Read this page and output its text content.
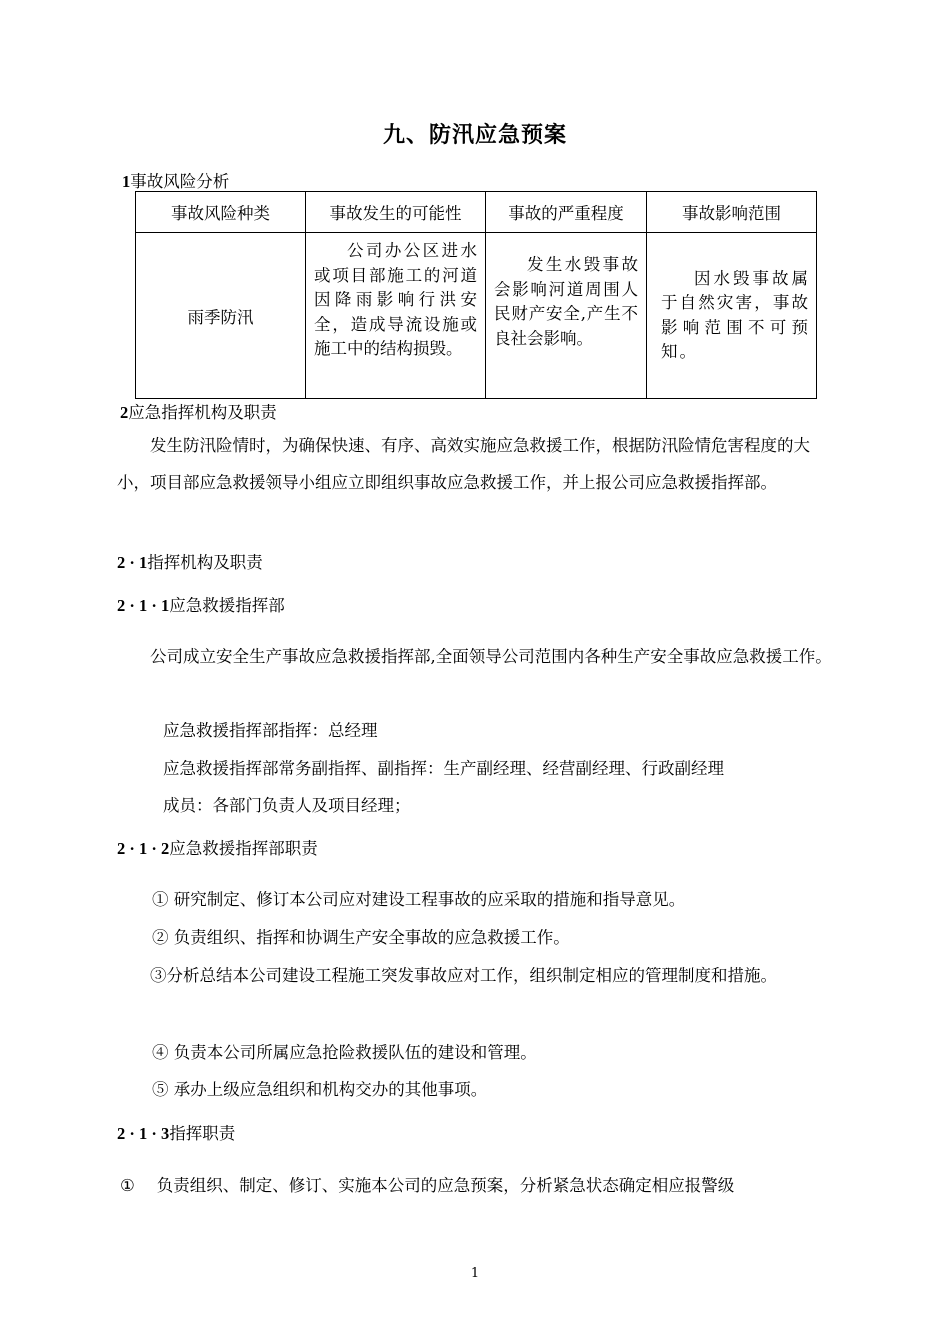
九、防汛应急预案
1事故风险分析
事故风险种类	事故发生的可能性	事故的严重程度	事故影响范围
雨季防汛	公司办公区进水或项目部施工的河道因降雨影响行洪安全，造成导流设施或施工中的结构损毁。	发生水毁事故会影响河道周围人民财产安全,产生不良社会影响。	因水毁事故属于自然灾害，事故影响范围不可预知。
2应急指挥机构及职责
发生防汛险情时，为确保快速、有序、高效实施应急救援工作，根据防汛险情危害程度的大小，项目部应急救援领导小组应立即组织事故应急救援工作，并上报公司应急救援指挥部。
2 · 1指挥机构及职责
2 · 1 · 1应急救援指挥部
公司成立安全生产事故应急救援指挥部,全面领导公司范围内各种生产安全事故应急救援工作。
应急救援指挥部指挥：总经理
应急救援指挥部常务副指挥、副指挥：生产副经理、经营副经理、行政副经理
成员：各部门负责人及项目经理；
2 · 1 · 2应急救援指挥部职责
① 研究制定、修订本公司应对建设工程事故的应采取的措施和指导意见。
② 负责组织、指挥和协调生产安全事故的应急救援工作。
③分析总结本公司建设工程施工突发事故应对工作，组织制定相应的管理制度和措施。
④ 负责本公司所属应急抢险救援队伍的建设和管理。
⑤ 承办上级应急组织和机构交办的其他事项。
2 · 1 · 3指挥职责
① 负责组织、制定、修订、实施本公司的应急预案，分析紧急状态确定相应报警级
1
